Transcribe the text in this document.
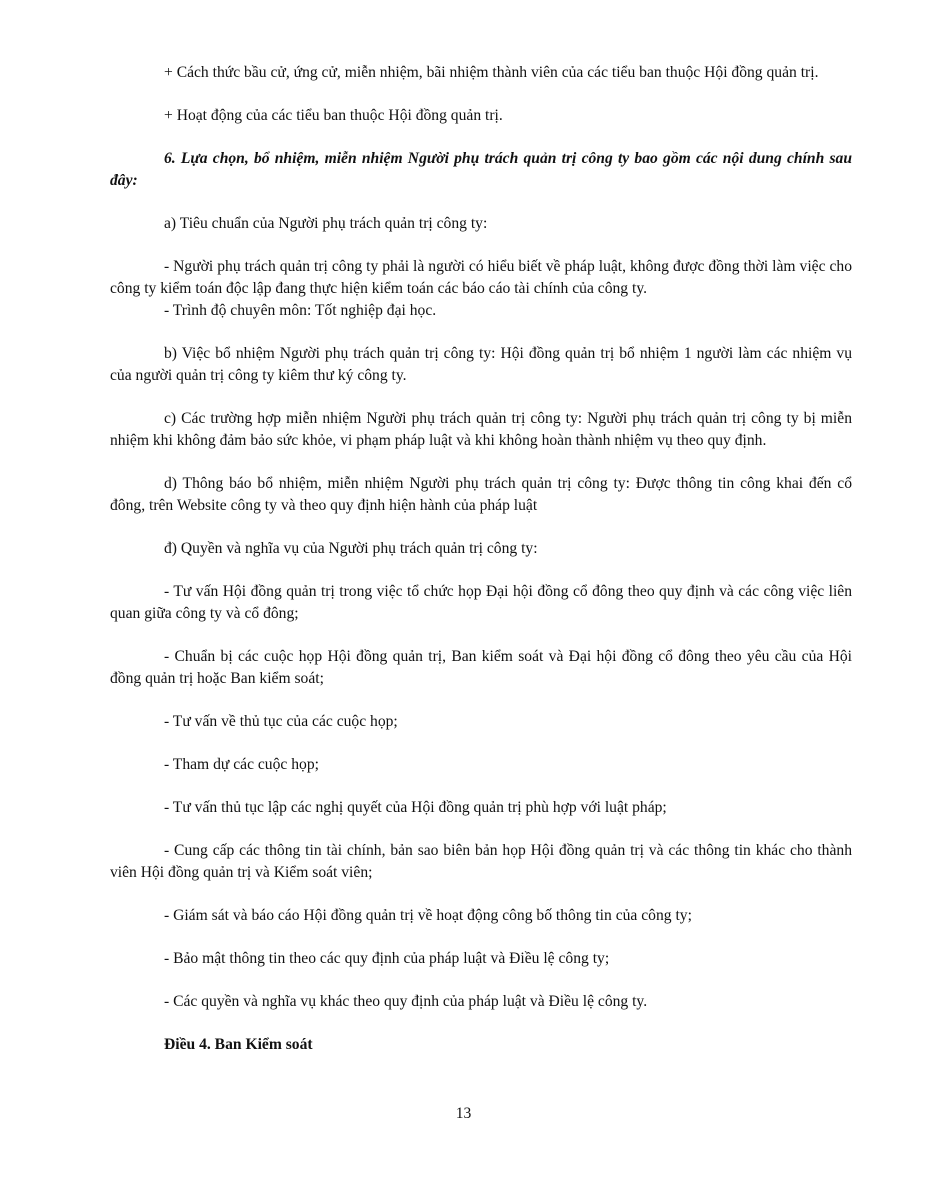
+ Cách thức bầu cử, ứng cử, miễn nhiệm, bãi nhiệm thành viên của các tiểu ban thuộc Hội đồng quản trị.

+ Hoạt động của các tiểu ban thuộc Hội đồng quản trị.

6. Lựa chọn, bổ nhiệm, miễn nhiệm Người phụ trách quản trị công ty bao gồm các nội dung chính sau đây:

a) Tiêu chuẩn của Người phụ trách quản trị công ty:

- Người phụ trách quản trị công ty phải là người có hiểu biết về pháp luật, không được đồng thời làm việc cho công ty kiểm toán độc lập đang thực hiện kiểm toán các báo cáo tài chính của công ty.

- Trình độ chuyên môn: Tốt nghiệp đại học.

b) Việc bổ nhiệm Người phụ trách quản trị công ty: Hội đồng quản trị bổ nhiệm 1 người làm các nhiệm vụ của người quản trị công ty kiêm thư ký công ty.

c) Các trường hợp miễn nhiệm Người phụ trách quản trị công ty: Người phụ trách quản trị công ty bị miễn nhiệm khi không đảm bảo sức khỏe, vi phạm pháp luật và khi không hoàn thành nhiệm vụ theo quy định.

d) Thông báo bổ nhiệm, miễn nhiệm Người phụ trách quản trị công ty: Được thông tin công khai đến cổ đông, trên Website công ty và theo quy định hiện hành của pháp luật

đ) Quyền và nghĩa vụ của Người phụ trách quản trị công ty:

- Tư vấn Hội đồng quản trị trong việc tổ chức họp Đại hội đồng cổ đông theo quy định và các công việc liên quan giữa công ty và cổ đông;

- Chuẩn bị các cuộc họp Hội đồng quản trị, Ban kiểm soát và Đại hội đồng cổ đông theo yêu cầu của Hội đồng quản trị hoặc Ban kiểm soát;

- Tư vấn về thủ tục của các cuộc họp;

- Tham dự các cuộc họp;

- Tư vấn thủ tục lập các nghị quyết của Hội đồng quản trị phù hợp với luật pháp;

- Cung cấp các thông tin tài chính, bản sao biên bản họp Hội đồng quản trị và các thông tin khác cho thành viên Hội đồng quản trị và Kiểm soát viên;

- Giám sát và báo cáo Hội đồng quản trị về hoạt động công bố thông tin của công ty;

- Bảo mật thông tin theo các quy định của pháp luật và Điều lệ công ty;

- Các quyền và nghĩa vụ khác theo quy định của pháp luật và Điều lệ công ty.

Điều 4. Ban Kiểm soát

13
